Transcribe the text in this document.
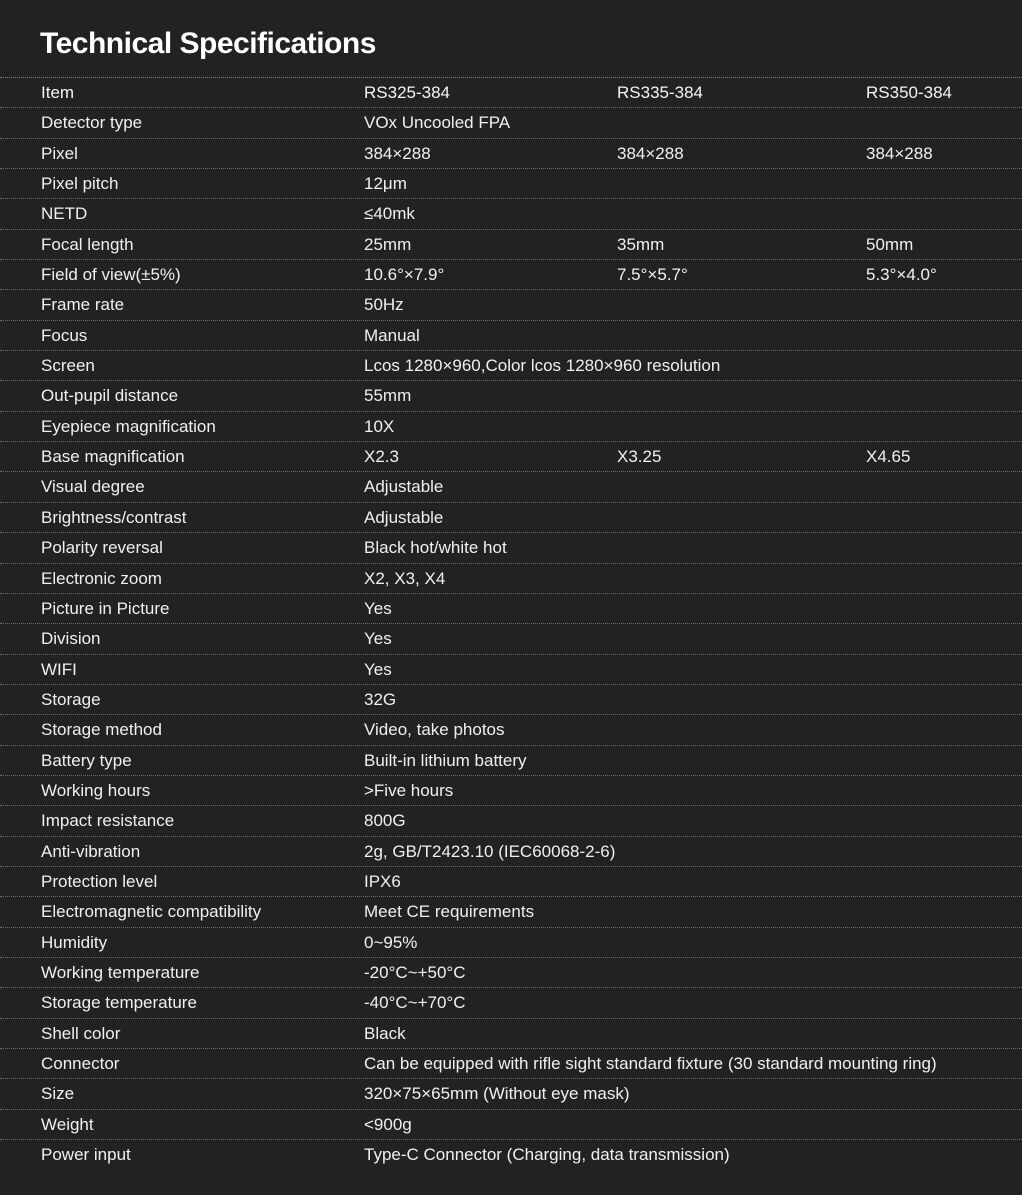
Technical Specifications
Item	RS325-384	RS335-384	RS350-384
Detector type	VOx Uncooled FPA
Pixel	384×288	384×288	384×288
Pixel pitch	12μm
NETD	≤40mk
Focal length	25mm	35mm	50mm
Field of view(±5%)	10.6°×7.9°	7.5°×5.7°	5.3°×4.0°
Frame rate	50Hz
Focus	Manual
Screen	Lcos 1280×960,Color lcos 1280×960 resolution
Out-pupil distance	55mm
Eyepiece magnification	10X
Base magnification	X2.3	X3.25	X4.65
Visual degree	Adjustable
Brightness/contrast	Adjustable
Polarity reversal	Black hot/white hot
Electronic zoom	X2, X3, X4
Picture in Picture	Yes
Division	Yes
WIFI	Yes
Storage	32G
Storage method	Video, take photos
Battery type	Built-in lithium battery
Working hours	>Five hours
Impact resistance	800G
Anti-vibration	2g, GB/T2423.10 (IEC60068-2-6)
Protection level	IPX6
Electromagnetic compatibility	Meet CE requirements
Humidity	0~95%
Working temperature	-20°C~+50°C
Storage temperature	-40°C~+70°C
Shell color	Black
Connector	Can be equipped with rifle sight standard fixture (30 standard mounting ring)
Size	320×75×65mm (Without eye mask)
Weight	<900g
Power input	Type-C Connector (Charging, data transmission)
